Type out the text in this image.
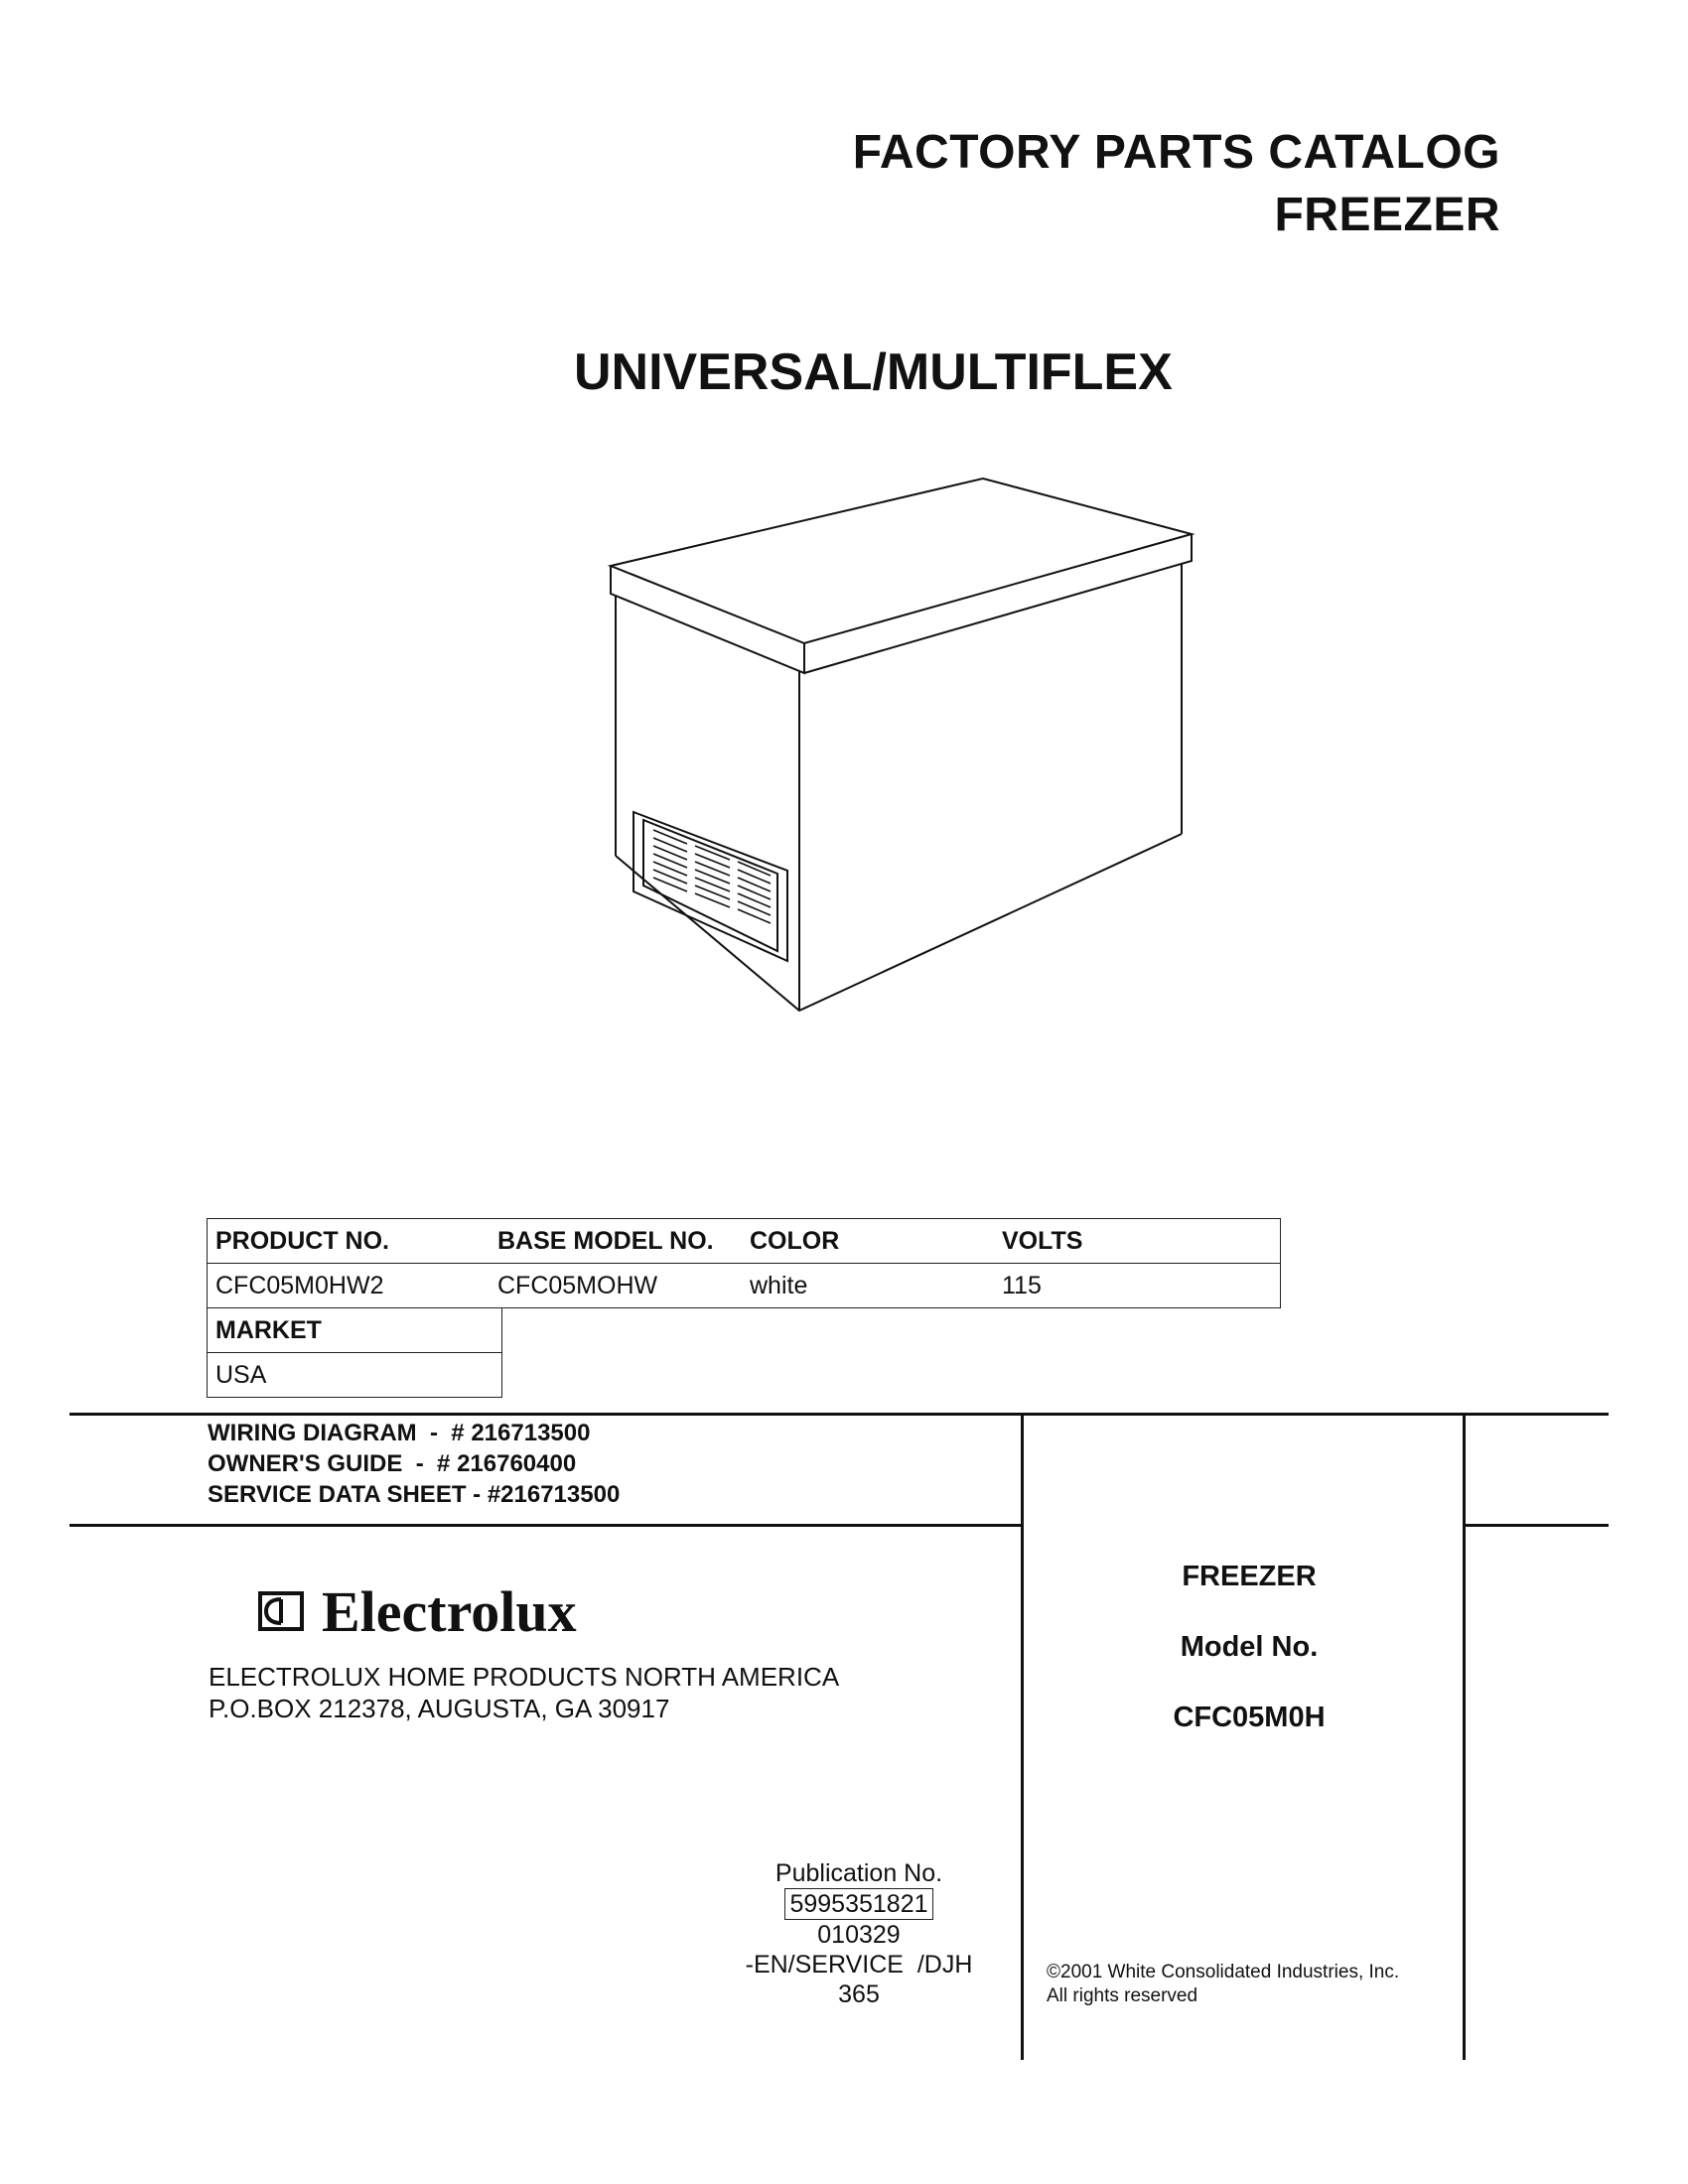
FACTORY PARTS CATALOG
FREEZER
UNIVERSAL/MULTIFLEX
PRODUCT NO.	BASE MODEL NO.	COLOR	VOLTS
CFC05M0HW2	CFC05MOHW	white	115
MARKET
USA
WIRING DIAGRAM  -  # 216713500
OWNER'S GUIDE  -  # 216760400
SERVICE DATA SHEET - #216713500
Electrolux
ELECTROLUX HOME PRODUCTS NORTH AMERICA
P.O.BOX 212378, AUGUSTA, GA 30917
FREEZER
Model No.
CFC05M0H
Publication No.
5995351821
010329
-EN/SERVICE  /DJH
365
©2001 White Consolidated Industries, Inc.
All rights reserved
